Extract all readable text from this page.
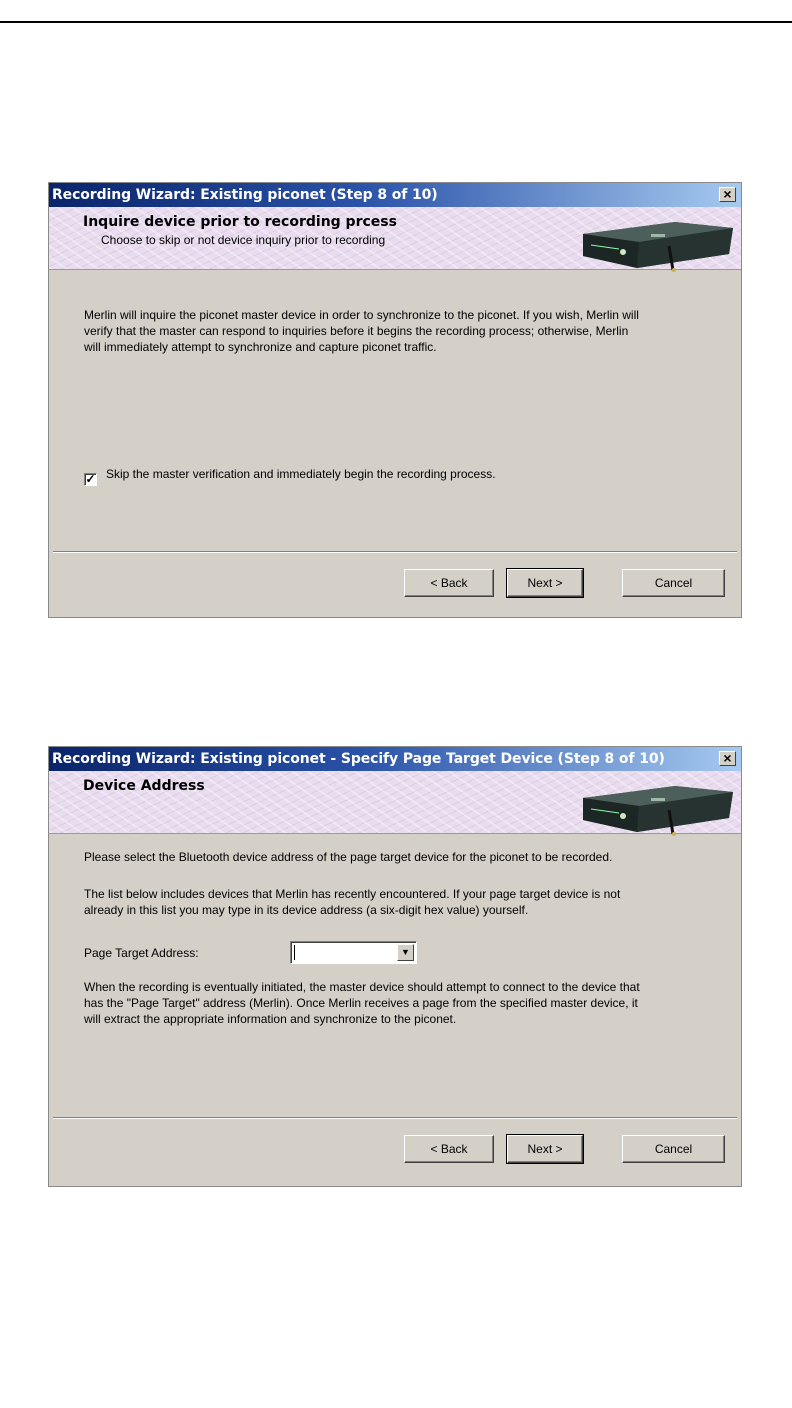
Recording Wizard: Existing piconet (Step 8 of 10)	×
Inquire device prior to recording prcess
Choose to skip or not device inquiry prior to recording

Merlin will inquire the piconet master device in order to synchronize to the piconet. If you wish, Merlin will verify that the master can respond to inquiries before it begins the recording process; otherwise, Merlin will immediately attempt to synchronize and capture piconet traffic.

✓ Skip the master verification and immediately begin the recording process.
< Back	Next >	Cancel
Recording Wizard: Existing piconet - Specify Page Target Device (Step 8 of 10)	×
Device Address

Please select the Bluetooth device address of the page target device for the piconet to be recorded.

The list below includes devices that Merlin has recently encountered. If your page target device is not already in this list you may type in its device address (a six-digit hex value) yourself.

Page Target Address:	▼

When the recording is eventually initiated, the master device should attempt to connect to the device that has the "Page Target" address (Merlin). Once Merlin receives a page from the specified master device, it will extract the appropriate information and synchronize to the piconet.

< Back	Next >	Cancel
